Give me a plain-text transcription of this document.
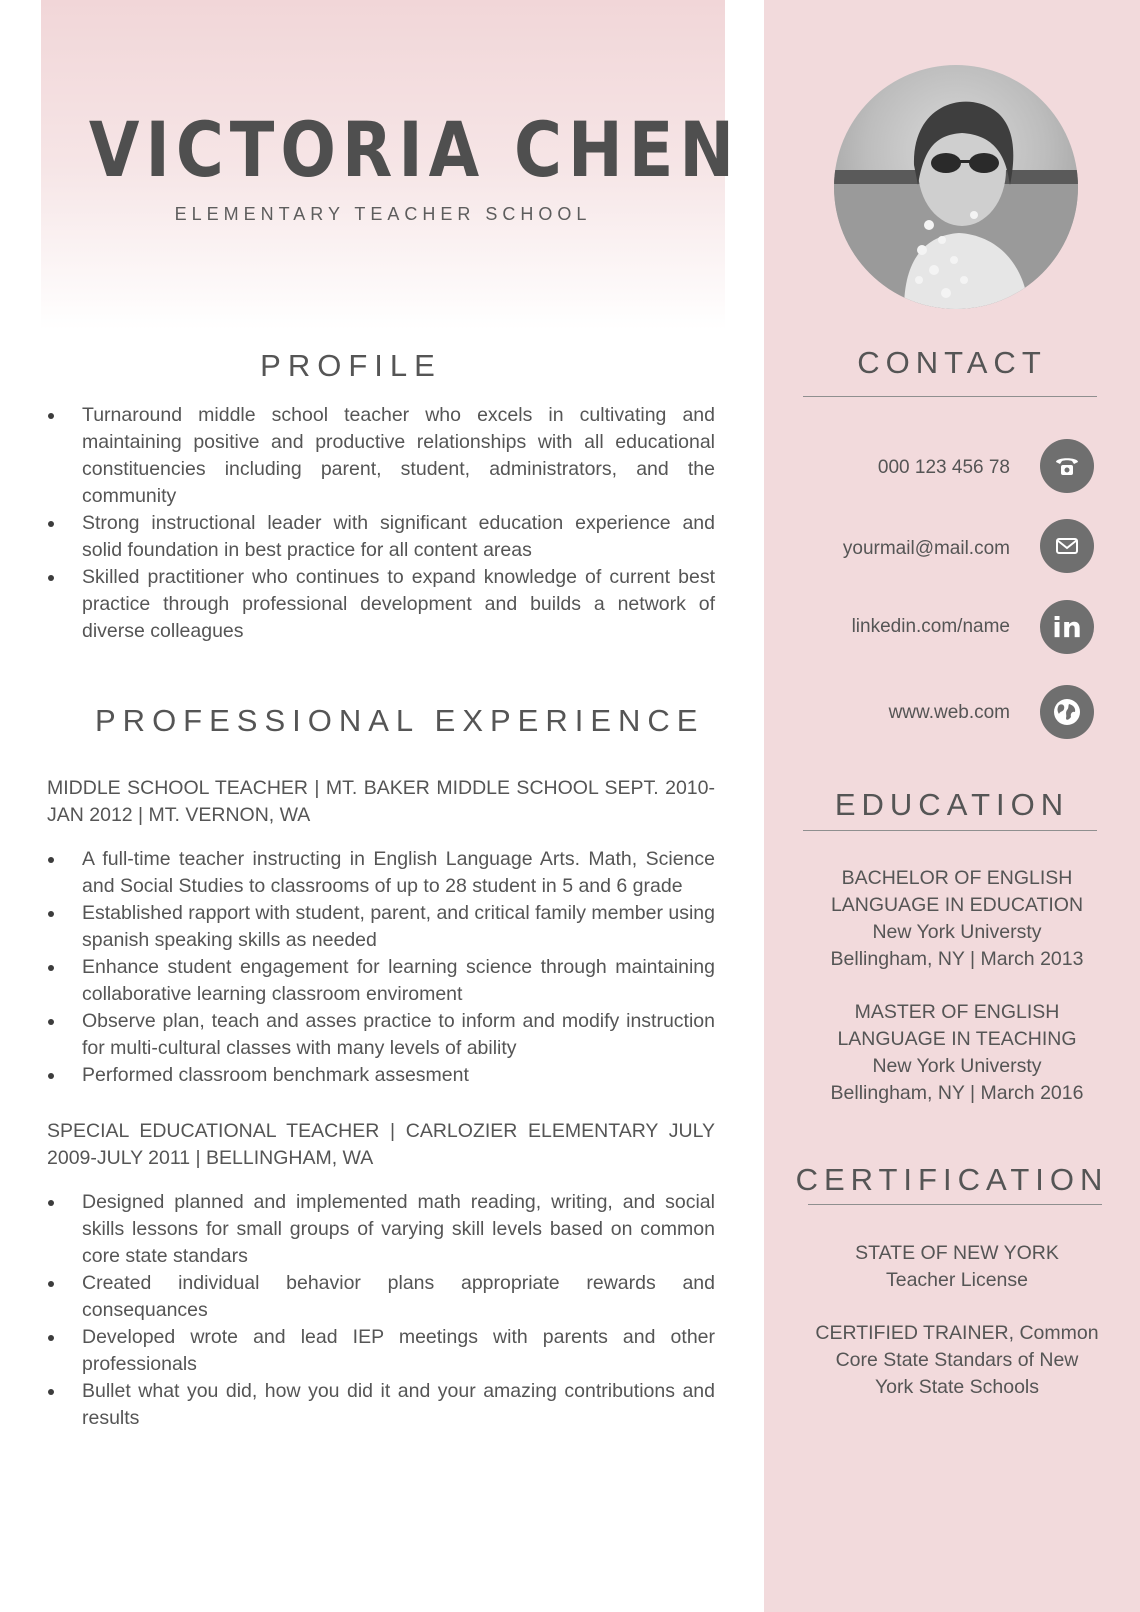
VICTORIA CHEN
ELEMENTARY TEACHER SCHOOL
PROFILE
Turnaround middle school teacher who excels in cultivating and maintaining positive and productive relationships with all educational constituencies including parent, student, administrators, and the community
Strong instructional leader with significant education experience and solid foundation in best practice for all content areas
Skilled practitioner who continues to expand knowledge of current best practice through professional development and builds a network of diverse colleagues
PROFESSIONAL EXPERIENCE
MIDDLE SCHOOL TEACHER | MT. BAKER MIDDLE SCHOOL SEPT. 2010-JAN 2012 | MT. VERNON, WA
A full-time teacher instructing in English Language Arts. Math, Science and Social Studies to classrooms of up to 28 student in 5 and 6 grade
Established rapport with student, parent, and critical family member using spanish speaking skills as needed
Enhance student engagement for learning science through maintaining collaborative learning classroom enviroment
Observe plan, teach and asses practice to inform and modify instruction for multi-cultural classes with many levels of ability
Performed classroom benchmark assesment
SPECIAL EDUCATIONAL TEACHER | CARLOZIER ELEMENTARY JULY 2009-JULY 2011 | BELLINGHAM, WA
Designed planned and implemented math reading, writing, and social skills lessons for small groups of varying skill levels based on common core state standars
Created individual behavior plans appropriate rewards and consequances
Developed wrote and lead IEP meetings with parents and other professionals
Bullet what you did, how you did it and your amazing contributions and results
CONTACT
000 123 456 78
yourmail@mail.com
linkedin.com/name in
www.web.com
EDUCATION
BACHELOR OF ENGLISH LANGUAGE IN EDUCATION
New York Universty
Bellingham, NY | March 2013
MASTER OF ENGLISH LANGUAGE IN TEACHING
New York Universty
Bellingham, NY | March 2016
CERTIFICATION
STATE OF NEW YORK
Teacher License
CERTIFIED TRAINER, Common Core State Standars of New York State Schools
